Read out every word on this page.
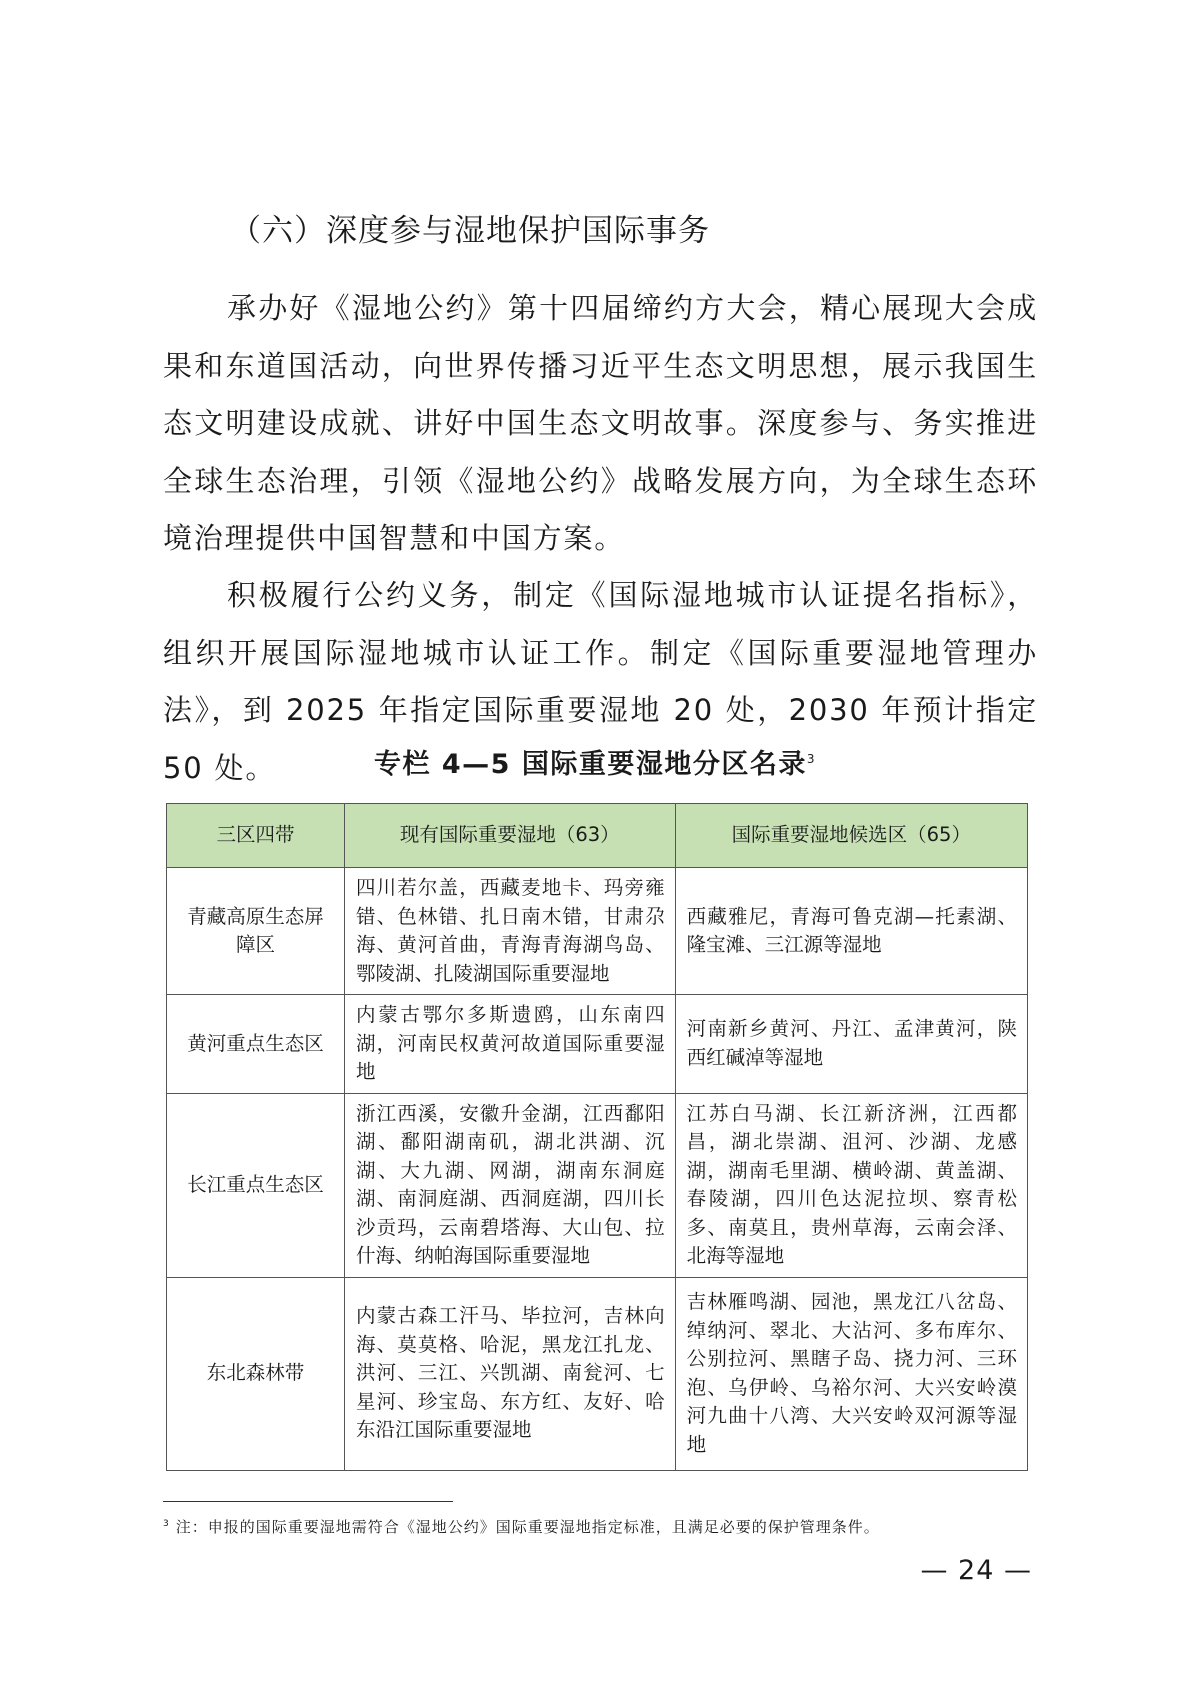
（六）深度参与湿地保护国际事务
承办好《湿地公约》第十四届缔约方大会，精心展现大会成果和东道国活动，向世界传播习近平生态文明思想，展示我国生态文明建设成就、讲好中国生态文明故事。深度参与、务实推进全球生态治理，引领《湿地公约》战略发展方向，为全球生态环境治理提供中国智慧和中国方案。
积极履行公约义务，制定《国际湿地城市认证提名指标》，组织开展国际湿地城市认证工作。制定《国际重要湿地管理办法》，到 2025 年指定国际重要湿地 20 处，2030 年预计指定 50 处。	专栏 4—5 国际重要湿地分区名录$^3$
三区四带	现有国际重要湿地（63）	国际重要湿地候选区（65）
青藏高原生态屏障区	四川若尔盖，西藏麦地卡、玛旁雍错、色林错、扎日南木错，甘肃尕海、黄河首曲，青海青海湖鸟岛、鄂陵湖、扎陵湖国际重要湿地	西藏雅尼，青海可鲁克湖—托素湖、隆宝滩、三江源等湿地
黄河重点生态区	内蒙古鄂尔多斯遗鸥，山东南四湖，河南民权黄河故道国际重要湿地	河南新乡黄河、丹江、孟津黄河，陕西红碱淖等湿地
长江重点生态区	浙江西溪，安徽升金湖，江西鄱阳湖、鄱阳湖南矶，湖北洪湖、沉湖、大九湖、网湖，湖南东洞庭湖、南洞庭湖、西洞庭湖，四川长沙贡玛，云南碧塔海、大山包、拉什海、纳帕海国际重要湿地	江苏白马湖、长江新济洲，江西都昌，湖北崇湖、沮河、沙湖、龙感湖，湖南毛里湖、横岭湖、黄盖湖、春陵湖，四川色达泥拉坝、察青松多、南莫且，贵州草海，云南会泽、北海等湿地
东北森林带	内蒙古森工汗马、毕拉河，吉林向海、莫莫格、哈泥，黑龙江扎龙、洪河、三江、兴凯湖、南瓮河、七星河、珍宝岛、东方红、友好、哈东沿江国际重要湿地	吉林雁鸣湖、园池，黑龙江八岔岛、绰纳河、翠北、大沾河、多布库尔、公别拉河、黑瞎子岛、挠力河、三环泡、乌伊岭、乌裕尔河、大兴安岭漠河九曲十八湾、大兴安岭双河源等湿地
$^3$ 注：申报的国际重要湿地需符合《湿地公约》国际重要湿地指定标准，且满足必要的保护管理条件。
— 24 —
